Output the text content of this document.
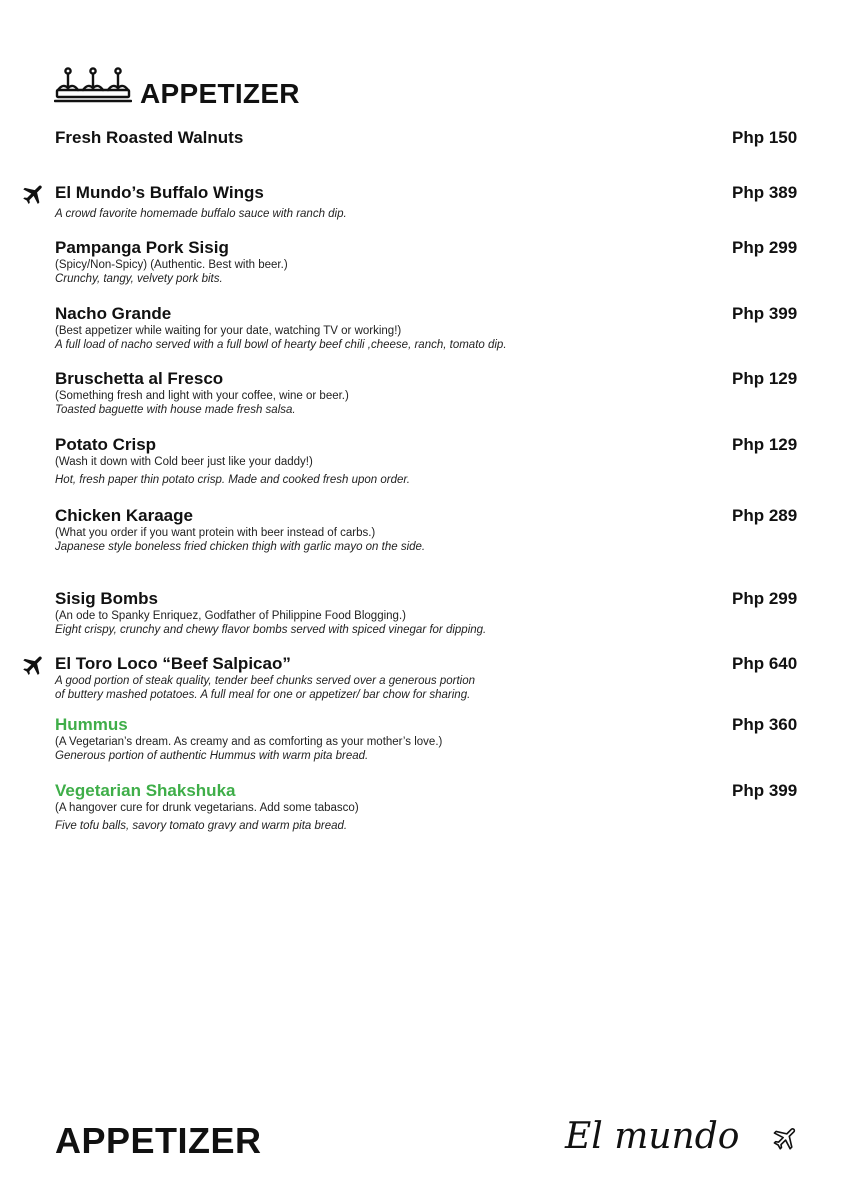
APPETIZER
Fresh Roasted Walnuts	Php 150
El Mundo’s Buffalo Wings	Php 389
A crowd favorite homemade buffalo sauce with ranch dip.
Pampanga Pork Sisig	Php 299
(Spicy/Non-Spicy) (Authentic. Best with beer.)
Crunchy, tangy, velvety pork bits.
Nacho Grande	Php 399
(Best appetizer while waiting for your date, watching TV or working!)
A full load of nacho served with a full bowl of hearty beef chili ,cheese, ranch, tomato dip.
Bruschetta al Fresco	Php 129
(Something fresh and light with your coffee, wine or beer.)
Toasted baguette with house made fresh salsa.
Potato Crisp	Php 129
(Wash it down with Cold beer just like your daddy!)
Hot, fresh paper thin potato crisp. Made and cooked fresh upon order.
Chicken Karaage	Php 289
(What you order if you want protein with beer instead of carbs.)
Japanese style boneless fried chicken thigh with garlic mayo on the side.
Sisig Bombs	Php 299
(An ode to Spanky Enriquez, Godfather of Philippine Food Blogging.)
Eight crispy, crunchy and chewy flavor bombs served with spiced vinegar for dipping.
El Toro Loco “Beef Salpicao”	Php 640
A good portion of steak quality, tender beef chunks served over a generous portion
of buttery mashed potatoes. A full meal for one or appetizer/ bar chow for sharing.
Hummus	Php 360
(A Vegetarian’s dream. As creamy and as comforting as your mother’s love.)
Generous portion of authentic Hummus with warm pita bread.
Vegetarian Shakshuka	Php 399
(A hangover cure for drunk vegetarians. Add some tabasco)
Five tofu balls, savory tomato gravy and warm pita bread.
APPETIZER	El mundo
